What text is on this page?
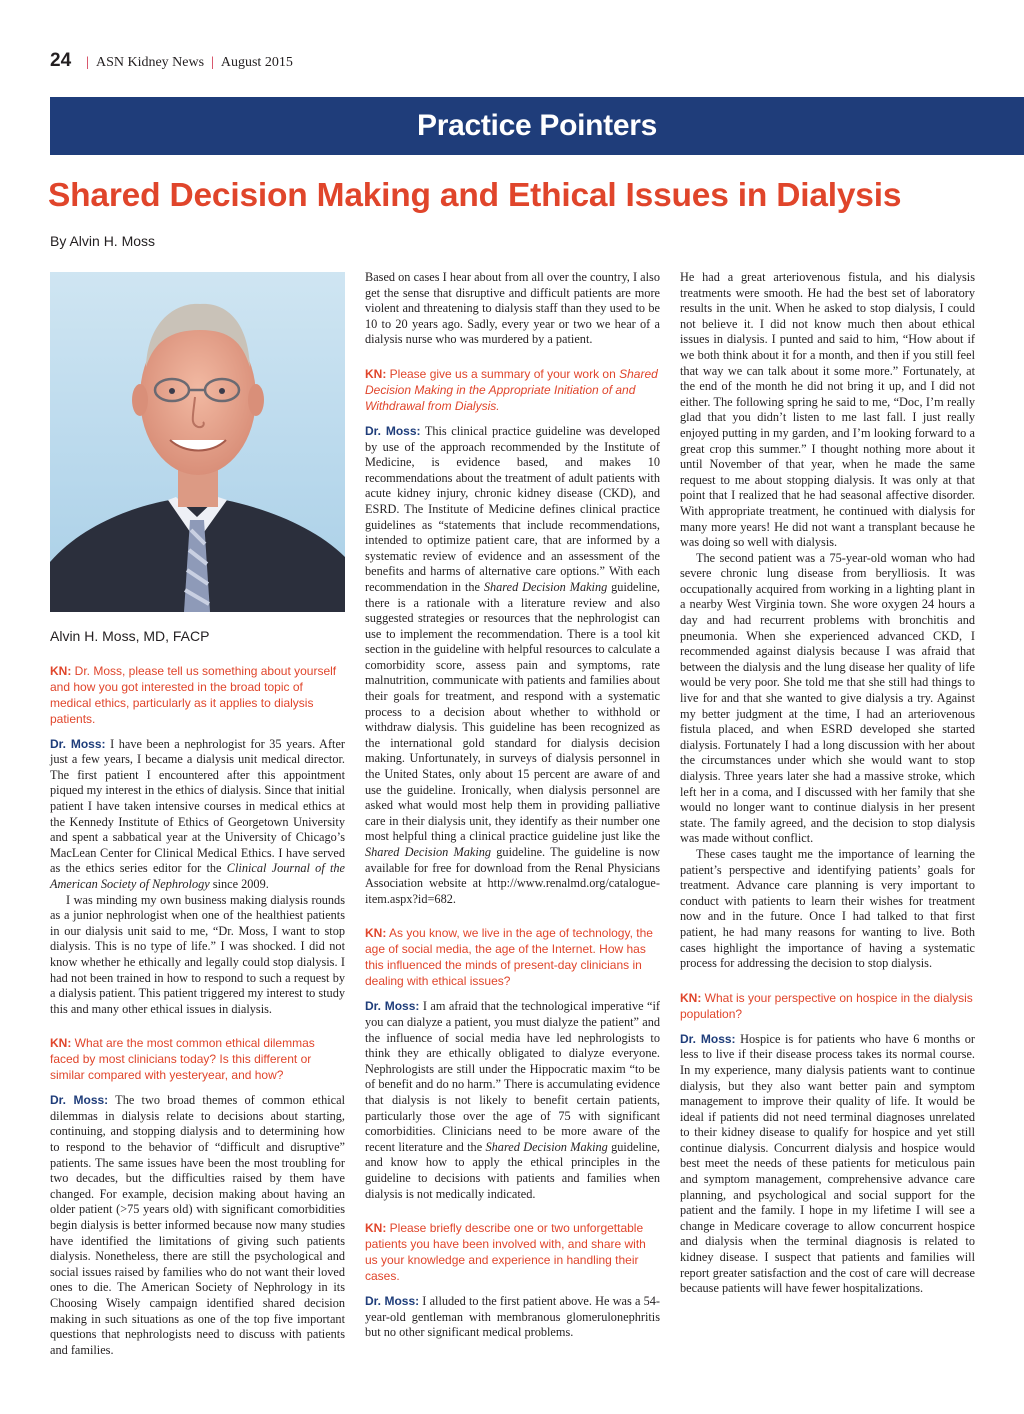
24 | ASN Kidney News | August 2015
Practice Pointers
Shared Decision Making and Ethical Issues in Dialysis
By Alvin H. Moss
Alvin H. Moss, MD, FACP
KN: Dr. Moss, please tell us something about yourself and how you got interested in the broad topic of medical ethics, particularly as it applies to dialysis patients.

Dr. Moss: I have been a nephrologist for 35 years. After just a few years, I became a dialysis unit medical director. The first patient I encountered after this appointment piqued my interest in the ethics of dialysis. Since that initial patient I have taken intensive courses in medical ethics at the Kennedy Institute of Ethics of Georgetown University and spent a sabbatical year at the University of Chicago’s MacLean Center for Clinical Medical Ethics. I have served as the ethics series editor for the Clinical Journal of the American Society of Nephrology since 2009.

I was minding my own business making dialysis rounds as a junior nephrologist when one of the healthiest patients in our dialysis unit said to me, “Dr. Moss, I want to stop dialysis. This is no type of life.” I was shocked. I did not know whether he ethically and legally could stop dialysis. I had not been trained in how to respond to such a request by a dialysis patient. This patient triggered my interest to study this and many other ethical issues in dialysis.

KN: What are the most common ethical dilemmas faced by most clinicians today? Is this different or similar compared with yesteryear, and how?

Dr. Moss: The two broad themes of common ethical dilemmas in dialysis relate to decisions about starting, continuing, and stopping dialysis and to determining how to respond to the behavior of “difficult and disruptive” patients. The same issues have been the most troubling for two decades, but the difficulties raised by them have changed. For example, decision making about having an older patient (>75 years old) with significant comorbidities begin dialysis is better informed because now many studies have identified the limitations of giving such patients dialysis. Nonetheless, there are still the psychological and social issues raised by families who do not want their loved ones to die. The American Society of Nephrology in its Choosing Wisely campaign identified shared decision making in such situations as one of the top five important questions that nephrologists need to discuss with patients and families.

Based on cases I hear about from all over the country, I also get the sense that disruptive and difficult patients are more violent and threatening to dialysis staff than they used to be 10 to 20 years ago. Sadly, every year or two we hear of a dialysis nurse who was murdered by a patient.

KN: Please give us a summary of your work on Shared Decision Making in the Appropriate Initiation of and Withdrawal from Dialysis.

Dr. Moss: This clinical practice guideline was developed by use of the approach recommended by the Institute of Medicine, is evidence based, and makes 10 recommendations about the treatment of adult patients with acute kidney injury, chronic kidney disease (CKD), and ESRD. The Institute of Medicine defines clinical practice guidelines as “statements that include recommendations, intended to optimize patient care, that are informed by a systematic review of evidence and an assessment of the benefits and harms of alternative care options.” With each recommendation in the Shared Decision Making guideline, there is a rationale with a literature review and also suggested strategies or resources that the nephrologist can use to implement the recommendation. There is a tool kit section in the guideline with helpful resources to calculate a comorbidity score, assess pain and symptoms, rate malnutrition, communicate with patients and families about their goals for treatment, and respond with a systematic process to a decision about whether to withhold or withdraw dialysis. This guideline has been recognized as the international gold standard for dialysis decision making. Unfortunately, in surveys of dialysis personnel in the United States, only about 15 percent are aware of and use the guideline. Ironically, when dialysis personnel are asked what would most help them in providing palliative care in their dialysis unit, they identify as their number one most helpful thing a clinical practice guideline just like the Shared Decision Making guideline. The guideline is now available for free for download from the Renal Physicians Association website at http://www.renalmd.org/catalogue-item.aspx?id=682.

KN: As you know, we live in the age of technology, the age of social media, the age of the Internet. How has this influenced the minds of present-day clinicians in dealing with ethical issues?

Dr. Moss: I am afraid that the technological imperative “if you can dialyze a patient, you must dialyze the patient” and the influence of social media have led nephrologists to think they are ethically obligated to dialyze everyone. Nephrologists are still under the Hippocratic maxim “to be of benefit and do no harm.” There is accumulating evidence that dialysis is not likely to benefit certain patients, particularly those over the age of 75 with significant comorbidities. Clinicians need to be more aware of the recent literature and the Shared Decision Making guideline, and know how to apply the ethical principles in the guideline to decisions with patients and families when dialysis is not medically indicated.

KN: Please briefly describe one or two unforgettable patients you have been involved with, and share with us your knowledge and experience in handling their cases.

Dr. Moss: I alluded to the first patient above. He was a 54-year-old gentleman with membranous glomerulonephritis but no other significant medical problems.

He had a great arteriovenous fistula, and his dialysis treatments were smooth. He had the best set of laboratory results in the unit. When he asked to stop dialysis, I could not believe it. I did not know much then about ethical issues in dialysis. I punted and said to him, “How about if we both think about it for a month, and then if you still feel that way we can talk about it some more.” Fortunately, at the end of the month he did not bring it up, and I did not either. The following spring he said to me, “Doc, I’m really glad that you didn’t listen to me last fall. I just really enjoyed putting in my garden, and I’m looking forward to a great crop this summer.” I thought nothing more about it until November of that year, when he made the same request to me about stopping dialysis. It was only at that point that I realized that he had seasonal affective disorder. With appropriate treatment, he continued with dialysis for many more years! He did not want a transplant because he was doing so well with dialysis.

The second patient was a 75-year-old woman who had severe chronic lung disease from berylliosis. It was occupationally acquired from working in a lighting plant in a nearby West Virginia town. She wore oxygen 24 hours a day and had recurrent problems with bronchitis and pneumonia. When she experienced advanced CKD, I recommended against dialysis because I was afraid that between the dialysis and the lung disease her quality of life would be very poor. She told me that she still had things to live for and that she wanted to give dialysis a try. Against my better judgment at the time, I had an arteriovenous fistula placed, and when ESRD developed she started dialysis. Fortunately I had a long discussion with her about the circumstances under which she would want to stop dialysis. Three years later she had a massive stroke, which left her in a coma, and I discussed with her family that she would no longer want to continue dialysis in her present state. The family agreed, and the decision to stop dialysis was made without conflict.

These cases taught me the importance of learning the patient’s perspective and identifying patients’ goals for treatment. Advance care planning is very important to conduct with patients to learn their wishes for treatment now and in the future. Once I had talked to that first patient, he had many reasons for wanting to live. Both cases highlight the importance of having a systematic process for addressing the decision to stop dialysis.

KN: What is your perspective on hospice in the dialysis population?

Dr. Moss: Hospice is for patients who have 6 months or less to live if their disease process takes its normal course. In my experience, many dialysis patients want to continue dialysis, but they also want better pain and symptom management to improve their quality of life. It would be ideal if patients did not need terminal diagnoses unrelated to their kidney disease to qualify for hospice and yet still continue dialysis. Concurrent dialysis and hospice would best meet the needs of these patients for meticulous pain and symptom management, comprehensive advance care planning, and psychological and social support for the patient and the family. I hope in my lifetime I will see a change in Medicare coverage to allow concurrent hospice and dialysis when the terminal diagnosis is related to kidney disease. I suspect that patients and families will report greater satisfaction and the cost of care will decrease because patients will have fewer hospitalizations.
